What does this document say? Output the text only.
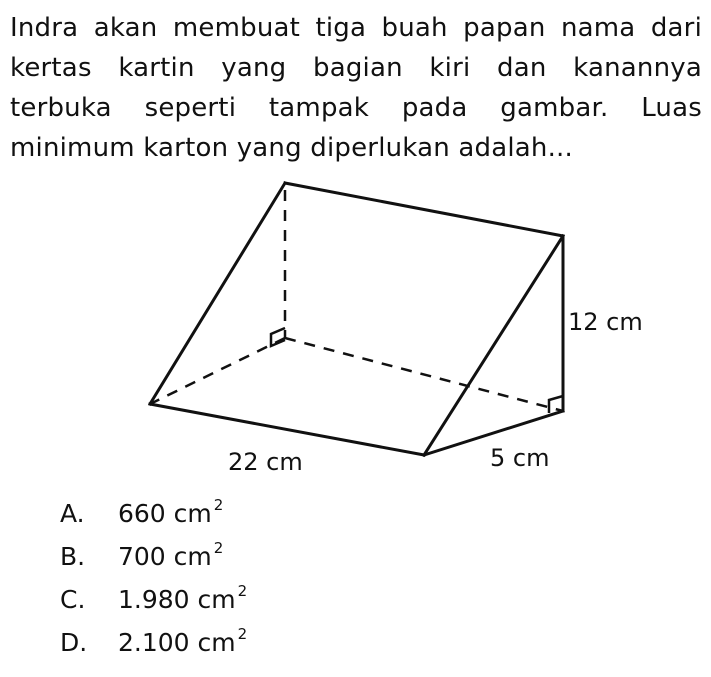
Indra akan membuat tiga buah papan nama dari kertas kartin yang bagian kiri dan kanannya terbuka seperti tampak pada gambar. Luas minimum karton yang diperlukan adalah...
12 cm
22 cm	5 cm
A.	660 cm $^2$
B.	700 cm $^2$
C.	1.980 cm $^2$
D.	2.100 cm $^2$
